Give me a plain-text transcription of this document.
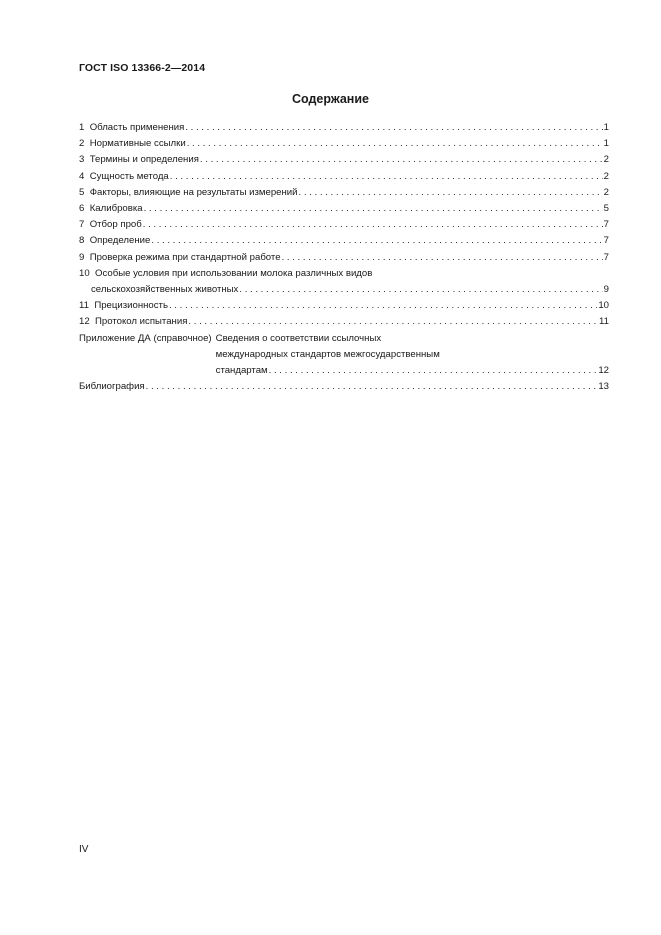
ГОСТ ISO 13366-2—2014
Содержание
1 Область применения . . .	1
2 Нормативные ссылки . . .	1
3 Термины и определения . . .	2
4 Сущность метода . . .	2
5 Факторы, влияющие на результаты измерений . . .	2
6 Калибровка . . .	5
7 Отбор проб . . .	7
8 Определение . . .	7
9 Проверка режима при стандартной работе . . .	7
10 Особые условия при использовании молока различных видов
сельскохозяйственных животных . . .	9
11 Прецизионность . . .	10
12 Протокол испытания . . .	11
Приложение ДА (справочное) Сведения о соответствии ссылочных
международных стандартов межгосударственным
стандартам . . .	12
Библиография . . .	13
IV
